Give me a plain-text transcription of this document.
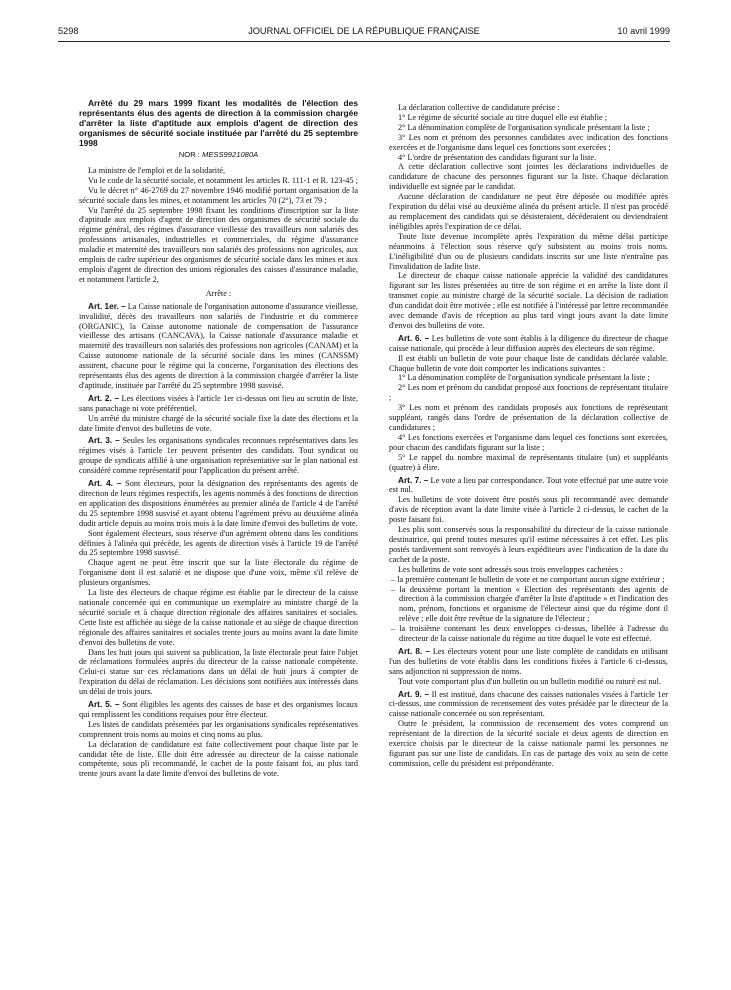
5298	JOURNAL OFFICIEL DE LA RÉPUBLIQUE FRANÇAISE	10 avril 1999

Arrêté du 29 mars 1999 fixant les modalités de l'élection des représentants élus des agents de direction à la commission chargée d'arrêter la liste d'aptitude aux emplois d'agent de direction des organismes de sécurité sociale instituée par l'arrêté du 25 septembre 1998

NOR : MESS9921080A

La ministre de l'emploi et de la solidarité,

Vu le code de la sécurité sociale, et notamment les articles R. 111-1 et R. 123-45 ;

Vu le décret n° 46-2769 du 27 novembre 1946 modifié portant organisation de la sécurité sociale dans les mines, et notamment les articles 70 (2°), 73 et 79 ;

Vu l'arrêté du 25 septembre 1998 fixant les conditions d'inscription sur la liste d'aptitude aux emplois d'agent de direction des organismes de sécurité sociale du régime général, des régimes d'assurance vieillesse des travailleurs non salariés des professions artisanales, industrielles et commerciales, du régime d'assurance maladie et maternité des travailleurs non salariés des professions non agricoles, aux emplois de cadre supérieur des organismes de sécurité sociale dans les mines et aux emplois d'agent de direction des unions régionales des caisses d'assurance maladie, et notamment l'article 2,

Arrête :

Art. 1er. – La Caisse nationale de l'organisation autonome d'assurance vieillesse, invalidité, décès des travailleurs non salariés de l'industrie et du commerce (ORGANIC), la Caisse autonome nationale de compensation de l'assurance vieillesse des artisans (CANCAVA), la Caisse nationale d'assurance maladie et maternité des travailleurs non salariés des professions non agricoles (CANAM) et la Caisse autonome nationale de la sécurité sociale dans les mines (CANSSM) assurent, chacune pour le régime qui la concerne, l'organisation des élections des représentants élus des agents de direction à la commission chargée d'arrêter la liste d'aptitude, instituée par l'arrêté du 25 septembre 1998 susvisé.

Art. 2. – Les élections visées à l'article 1er ci-dessus ont lieu au scrutin de liste, sans panachage ni vote préférentiel.

Un arrêté du ministre chargé de la sécurité sociale fixe la date des élections et la date limite d'envoi des bulletins de vote.

Art. 3. – Seules les organisations syndicales reconnues représentatives dans les régimes visés à l'article 1er peuvent présenter des candidats. Tout syndicat ou groupe de syndicats affilié à une organisation représentative sur le plan national est considéré comme représentatif pour l'application du présent arrêté.

Art. 4. – Sont électeurs, pour la désignation des représentants des agents de direction de leurs régimes respectifs, les agents nommés à des fonctions de direction en application des dispositions énumérées au premier alinéa de l'article 4 de l'arrêté du 25 septembre 1998 susvisé et ayant obtenu l'agrément prévu au deuxième alinéa dudit article depuis au moins trois mois à la date limite d'envoi des bulletins de vote.

Sont également électeurs, sous réserve d'un agrément obtenu dans les conditions définies à l'alinéa qui précède, les agents de direction visés à l'article 19 de l'arrêté du 25 septembre 1998 susvisé.

Chaque agent ne peut être inscrit que sur la liste électorale du régime de l'organisme dont il est salarié et ne dispose que d'une voix, même s'il relève de plusieurs organismes.

La liste des électeurs de chaque régime est établie par le directeur de la caisse nationale concernée qui en communique un exemplaire au ministre chargé de la sécurité sociale et à chaque direction régionale des affaires sanitaires et sociales. Cette liste est affichée au siège de la caisse nationale et au siège de chaque direction régionale des affaires sanitaires et sociales trente jours au moins avant la date limite d'envoi des bulletins de vote.

Dans les huit jours qui suivent sa publication, la liste électorale peut faire l'objet de réclamations formulées auprès du directeur de la caisse nationale compétente. Celui-ci statue sur ces réclamations dans un délai de huit jours à compter de l'expiration du délai de réclamation. Les décisions sont notifiées aux intéressés dans un délai de trois jours.

Art. 5. – Sont éligibles les agents des caisses de base et des organismes locaux qui remplissent les conditions requises pour être électeur.

Les listes de candidats présentées par les organisations syndicales représentatives comprennent trois noms au moins et cinq noms au plus.

La déclaration de candidature est faite collectivement pour chaque liste par le candidat tête de liste. Elle doit être adressée au directeur de la caisse nationale compétente, sous pli recommandé, le cachet de la poste faisant foi, au plus tard trente jours avant la date limite d'envoi des bulletins de vote.

La déclaration collective de candidature précise :

1° Le régime de sécurité sociale au titre duquel elle est établie ;

2° La dénomination complète de l'organisation syndicale présentant la liste ;

3° Les nom et prénom des personnes candidates avec indication des fonctions exercées et de l'organisme dans lequel ces fonctions sont exercées ;

4° L'ordre de présentation des candidats figurant sur la liste.

A cette déclaration collective sont jointes les déclarations individuelles de candidature de chacune des personnes figurant sur la liste. Chaque déclaration individuelle est signée par le candidat.

Aucune déclaration de candidature ne peut être déposée ou modifiée après l'expiration du délai visé au deuxième alinéa du présent article. Il n'est pas procédé au remplacement des candidats qui se désisteraient, décéderaient ou deviendraient inéligibles après l'expiration de ce délai.

Toute liste devenue incomplète après l'expiration du même délai participe néanmoins à l'élection sous réserve qu'y subsistent au moins trois noms. L'inéligibilité d'un ou de plusieurs candidats inscrits sur une liste n'entraîne pas l'invalidation de ladite liste.

Le directeur de chaque caisse nationale apprécie la validité des candidatures figurant sur les listes présentées au titre de son régime et en arrête la liste dont il transmet copie au ministre chargé de la sécurité sociale. La décision de radiation d'un candidat doit être motivée ; elle est notifiée à l'intéressé par lettre recommandée avec demande d'avis de réception au plus tard vingt jours avant la date limite d'envoi des bulletins de vote.

Art. 6. – Les bulletins de vote sont établis à la diligence du directeur de chaque caisse nationale, qui procède à leur diffusion auprès des électeurs de son régime.

Il est établi un bulletin de vote pour chaque liste de candidats déclarée valable. Chaque bulletin de vote doit comporter les indications suivantes :

1° La dénomination complète de l'organisation syndicale présentant la liste ;

2° Les nom et prénom du candidat proposé aux fonctions de représentant titulaire ;

3° Les nom et prénom des candidats proposés aux fonctions de représentant suppléant, rangés dans l'ordre de présentation de la déclaration collective de candidatures ;

4° Les fonctions exercées et l'organisme dans lequel ces fonctions sont exercées, pour chacun des candidats figurant sur la liste ;

5° Le rappel du nombre maximal de représentants titulaire (un) et suppléants (quatre) à élire.

Art. 7. – Le vote a lieu par correspondance. Tout vote effectué par une autre voie est nul.

Les bulletins de vote doivent être postés sous pli recommandé avec demande d'avis de réception avant la date limite visée à l'article 2 ci-dessus, le cachet de la poste faisant foi.

Les plis sont conservés sous la responsabilité du directeur de la caisse nationale destinatrice, qui prend toutes mesures qu'il estime nécessaires à cet effet. Les plis postés tardivement sont renvoyés à leurs expéditeurs avec l'indication de la date du cachet de la poste.

Les bulletins de vote sont adressés sous trois enveloppes cachetées :

– la première contenant le bulletin de vote et ne comportant aucun signe extérieur ;
– la deuxième portant la mention « Election des représentants des agents de direction à la commission chargée d'arrêter la liste d'aptitude » et l'indication des nom, prénom, fonctions et organisme de l'électeur ainsi que du régime dont il relève ; elle doit être revêtue de la signature de l'électeur ;
– la troisième contenant les deux enveloppes ci-dessus, libellée à l'adresse du directeur de la caisse nationale du régime au titre duquel le vote est effectué.

Art. 8. – Les électeurs votent pour une liste complète de candidats en utilisant l'un des bulletins de vote établis dans les conditions fixées à l'article 6 ci-dessus, sans adjonction ni suppression de noms.

Tout vote comportant plus d'un bulletin ou un bulletin modifié ou raturé est nul.

Art. 9. – Il est institué, dans chacune des caisses nationales visées à l'article 1er ci-dessus, une commission de recensement des votes présidée par le directeur de la caisse nationale concernée ou son représentant.

Outre le président, la commission de recensement des votes comprend un représentant de la direction de la sécurité sociale et deux agents de direction en exercice choisis par le directeur de la caisse nationale parmi les personnes ne figurant pas sur une liste de candidats. En cas de partage des voix au sein de cette commission, celle du président est prépondérante.
